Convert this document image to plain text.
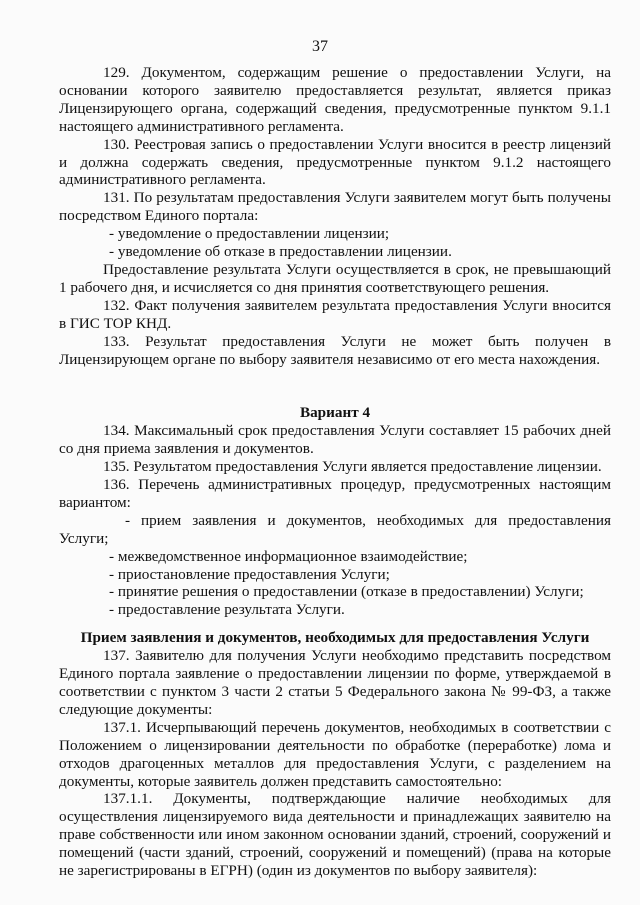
37

129. Документом, содержащим решение о предоставлении Услуги, на основании которого заявителю предоставляется результат, является приказ Лицензирующего органа, содержащий сведения, предусмотренные пунктом 9.1.1 настоящего административного регламента.

130. Реестровая запись о предоставлении Услуги вносится в реестр лицензий и должна содержать сведения, предусмотренные пунктом 9.1.2 настоящего административного регламента.

131. По результатам предоставления Услуги заявителем могут быть получены посредством Единого портала:

- уведомление о предоставлении лицензии;

- уведомление об отказе в предоставлении лицензии.

Предоставление результата Услуги осуществляется в срок, не превышающий 1 рабочего дня, и исчисляется со дня принятия соответствующего решения.

132. Факт получения заявителем результата предоставления Услуги вносится в ГИС ТОР КНД.

133. Результат предоставления Услуги не может быть получен в Лицензирующем органе по выбору заявителя независимо от его места нахождения.

Вариант 4

134. Максимальный срок предоставления Услуги составляет 15 рабочих дней со дня приема заявления и документов.

135. Результатом предоставления Услуги является предоставление лицензии.

136. Перечень административных процедур, предусмотренных настоящим вариантом:

- прием заявления и документов, необходимых для предоставления Услуги;

- межведомственное информационное взаимодействие;

- приостановление предоставления Услуги;

- принятие решения о предоставлении (отказе в предоставлении) Услуги;

- предоставление результата Услуги.

Прием заявления и документов, необходимых для предоставления Услуги

137. Заявителю для получения Услуги необходимо представить посредством Единого портала заявление о предоставлении лицензии по форме, утверждаемой в соответствии с пунктом 3 части 2 статьи 5 Федерального закона № 99-ФЗ, а также следующие документы:

137.1. Исчерпывающий перечень документов, необходимых в соответствии с Положением о лицензировании деятельности по обработке (переработке) лома и отходов драгоценных металлов для предоставления Услуги, с разделением на документы, которые заявитель должен представить самостоятельно:

137.1.1. Документы, подтверждающие наличие необходимых для осуществления лицензируемого вида деятельности и принадлежащих заявителю на праве собственности или ином законном основании зданий, строений, сооружений и помещений (части зданий, строений, сооружений и помещений) (права на которые не зарегистрированы в ЕГРН) (один из документов по выбору заявителя):
